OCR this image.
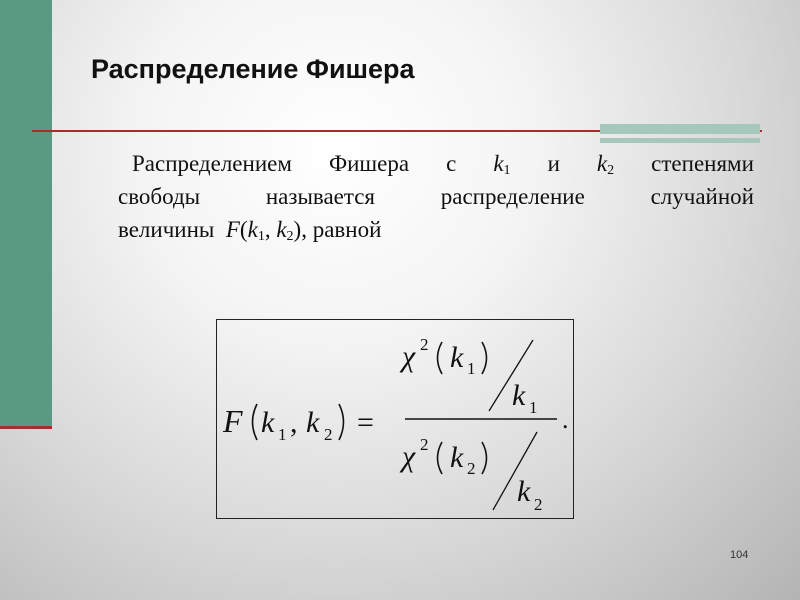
Распределение Фишера
Распределением Фишера с $k_1$ и $k_2$ степенями
свободы	называется	распределение	случайной
величины $F(k_1$, $k_2$), равной
F k 1 , k 2 =
χ 2 k 1
k 1
χ 2 k 2
k 2
.
104
